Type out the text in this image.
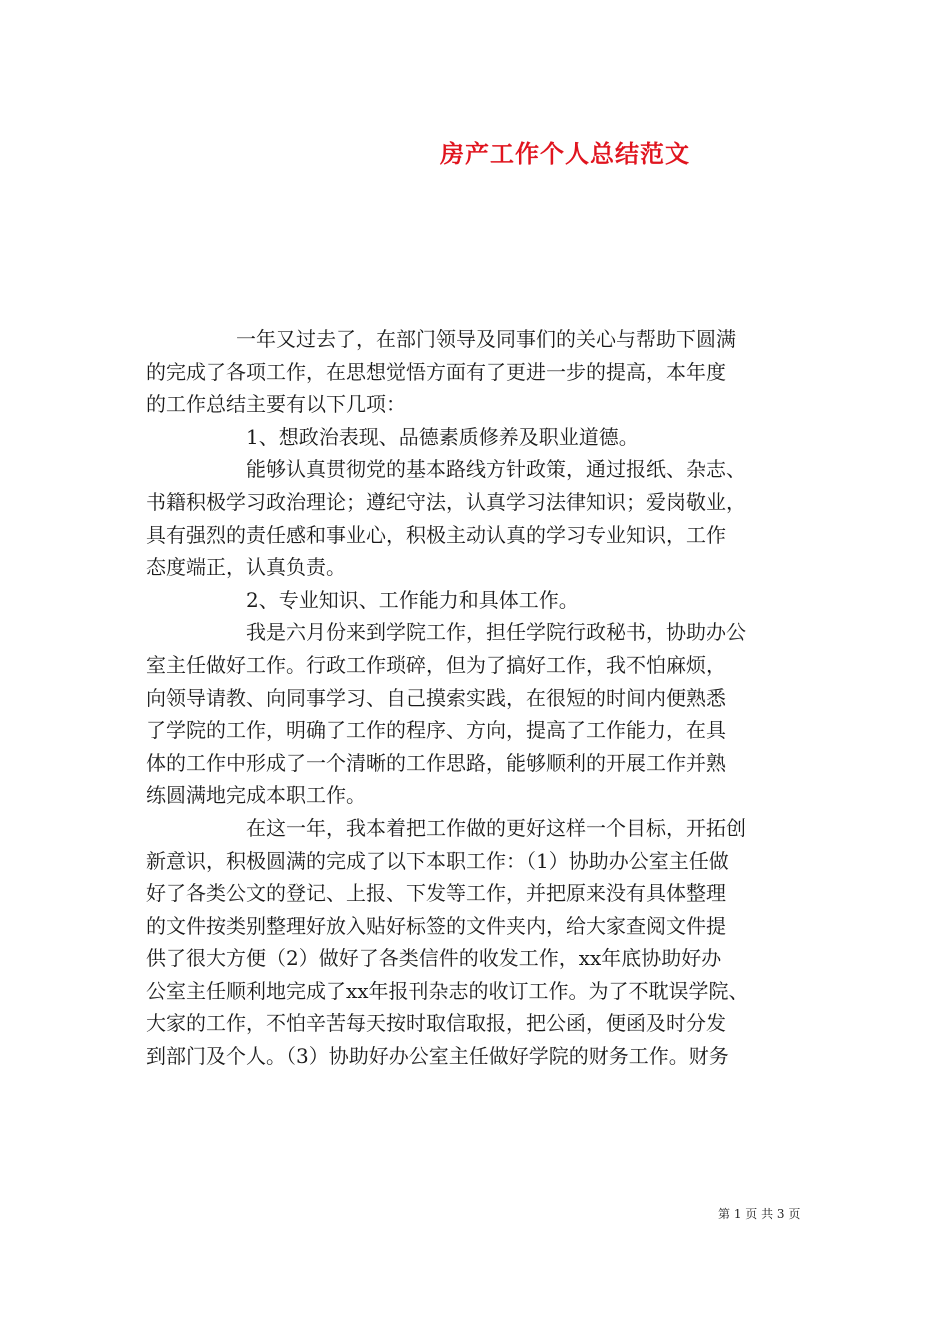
房产工作个人总结范文
一年又过去了，在部门领导及同事们的关心与帮助下圆满
的完成了各项工作，在思想觉悟方面有了更进一步的提高，本年度
的工作总结主要有以下几项：
1、想政治表现、品德素质修养及职业道德。
能够认真贯彻党的基本路线方针政策，通过报纸、杂志、
书籍积极学习政治理论；遵纪守法，认真学习法律知识；爱岗敬业，
具有强烈的责任感和事业心，积极主动认真的学习专业知识，工作
态度端正，认真负责。
2、专业知识、工作能力和具体工作。
我是六月份来到学院工作，担任学院行政秘书，协助办公
室主任做好工作。行政工作琐碎，但为了搞好工作，我不怕麻烦，
向领导请教、向同事学习、自己摸索实践，在很短的时间内便熟悉
了学院的工作，明确了工作的程序、方向，提高了工作能力，在具
体的工作中形成了一个清晰的工作思路，能够顺利的开展工作并熟
练圆满地完成本职工作。
在这一年，我本着把工作做的更好这样一个目标，开拓创
新意识，积极圆满的完成了以下本职工作：（1）协助办公室主任做
好了各类公文的登记、上报、下发等工作，并把原来没有具体整理
的文件按类别整理好放入贴好标签的文件夹内，给大家查阅文件提
供了很大方便（2）做好了各类信件的收发工作，xx年底协助好办
公室主任顺利地完成了xx年报刊杂志的收订工作。为了不耽误学院、
大家的工作，不怕辛苦每天按时取信取报，把公函，便函及时分发
到部门及个人。（3）协助好办公室主任做好学院的财务工作。财务
第 1 页 共 3 页
